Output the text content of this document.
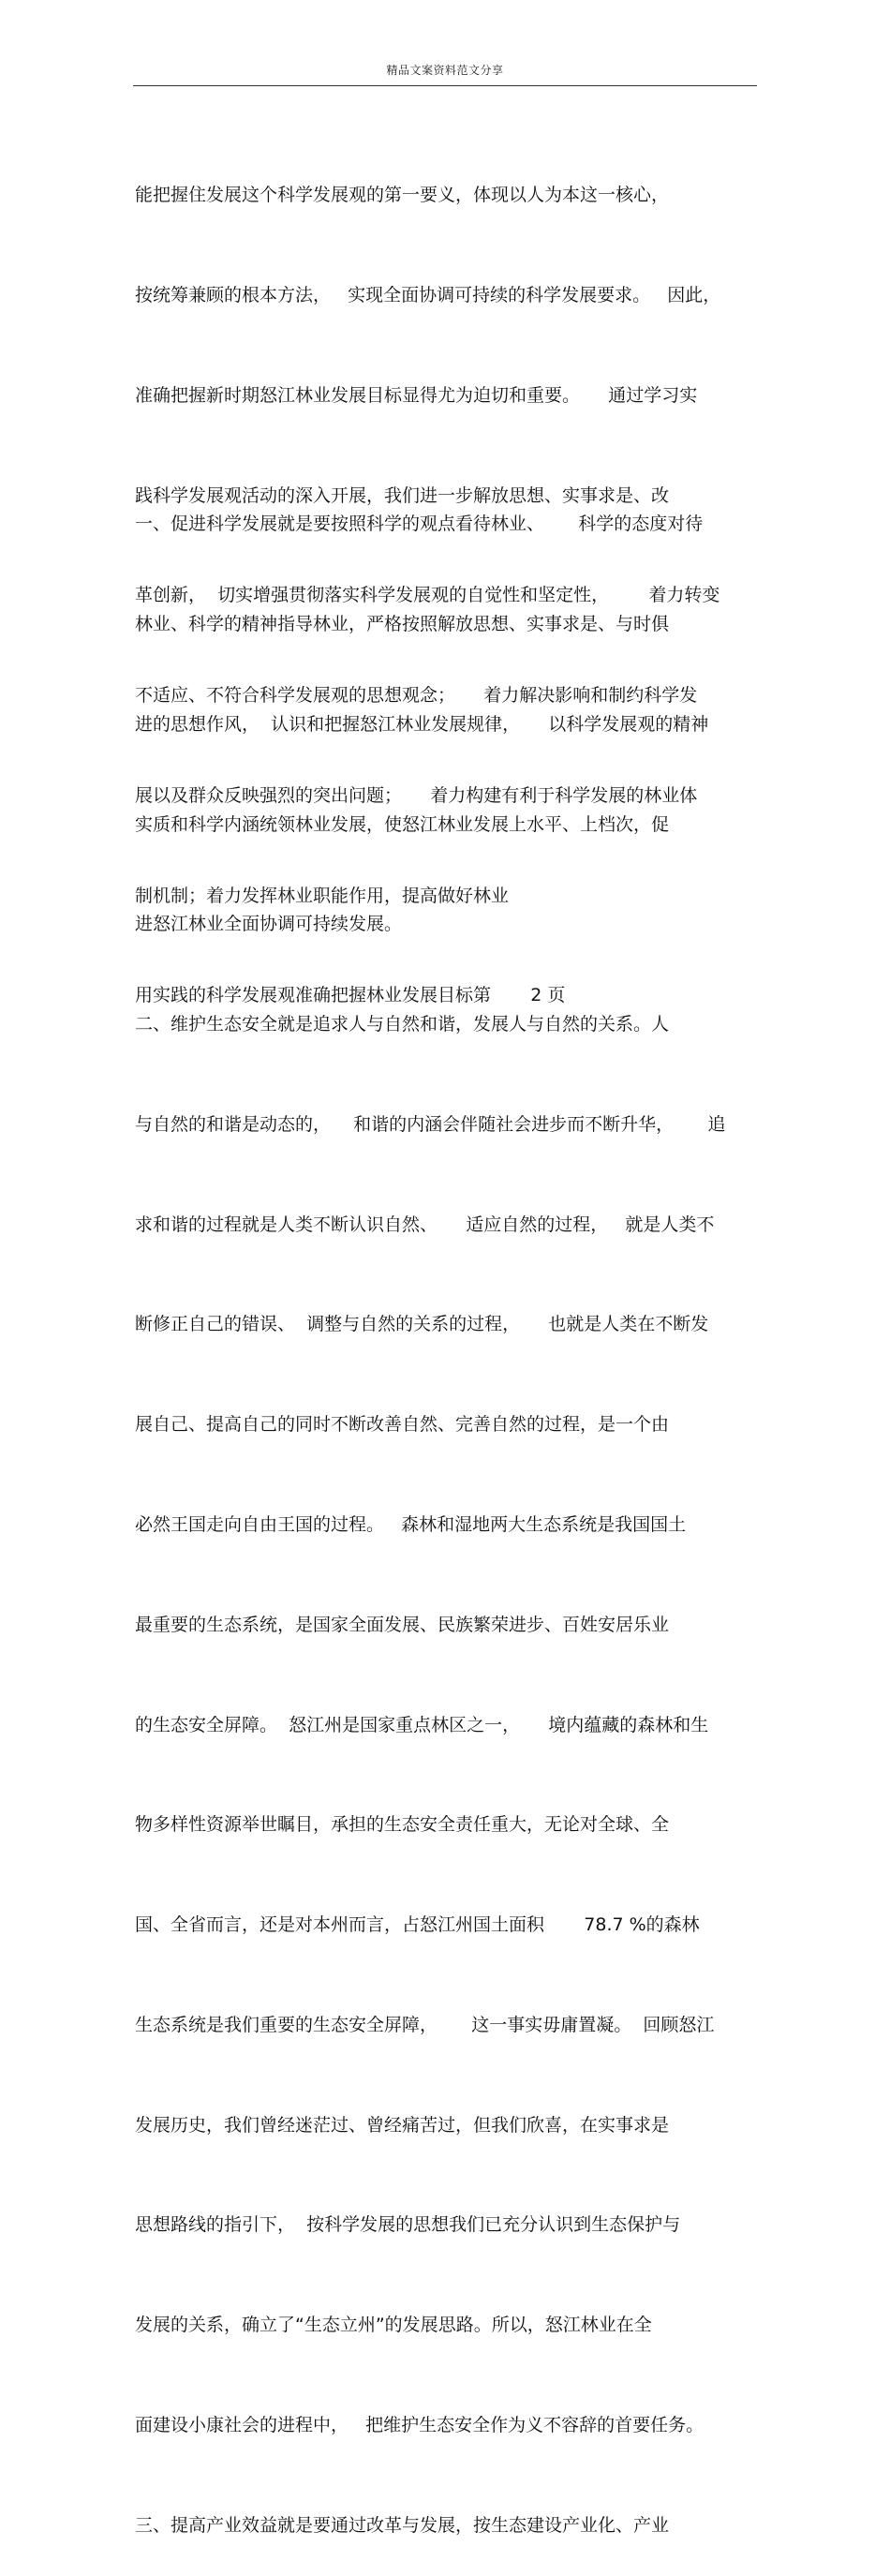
精品文案资料范文分享

能把握住发展这个科学发展观的第一要义，体现以人为本这一核心，

按统筹兼顾的根本方法，   实现全面协调可持续的科学发展要求。   因此，

准确把握新时期怒江林业发展目标显得尤为迫切和重要。     通过学习实

践科学发展观活动的深入开展，我们进一步解放思想、实事求是、改

革创新，  切实增强贯彻落实科学发展观的自觉性和坚定性，       着力转变

不适应、不符合科学发展观的思想观念；     着力解决影响和制约科学发

展以及群众反映强烈的突出问题；     着力构建有利于科学发展的林业体

制机制；着力发挥林业职能作用，提高做好林业

用实践的科学发展观准确把握林业发展目标第       2 页

一、促进科学发展就是要按照科学的观点看待林业、      科学的态度对待

林业、科学的精神指导林业，严格按照解放思想、实事求是、与时俱

进的思想作风，  认识和把握怒江林业发展规律，     以科学发展观的精神

实质和科学内涵统领林业发展，使怒江林业发展上水平、上档次，促

进怒江林业全面协调可持续发展。

二、维护生态安全就是追求人与自然和谐，发展人与自然的关系。人

与自然的和谐是动态的，    和谐的内涵会伴随社会进步而不断升华，      追

求和谐的过程就是人类不断认识自然、     适应自然的过程，   就是人类不

断修正自己的错误、  调整与自然的关系的过程，     也就是人类在不断发

展自己、提高自己的同时不断改善自然、完善自然的过程，是一个由

必然王国走向自由王国的过程。   森林和湿地两大生态系统是我国国土

最重要的生态系统，是国家全面发展、民族繁荣进步、百姓安居乐业

的生态安全屏障。  怒江州是国家重点林区之一，     境内蕴藏的森林和生

物多样性资源举世瞩目，承担的生态安全责任重大，无论对全球、全

国、全省而言，还是对本州而言，占怒江州国土面积       78.7 %的森林

生态系统是我们重要的生态安全屏障，      这一事实毋庸置凝。  回顾怒江

发展历史，我们曾经迷茫过、曾经痛苦过，但我们欣喜，在实事求是

思想路线的指引下，  按科学发展的思想我们已充分认识到生态保护与

发展的关系，确立了“生态立州”的发展思路。所以，怒江林业在全

面建设小康社会的进程中，   把维护生态安全作为义不容辞的首要任务。

三、提高产业效益就是要通过改革与发展，按生态建设产业化、产业
